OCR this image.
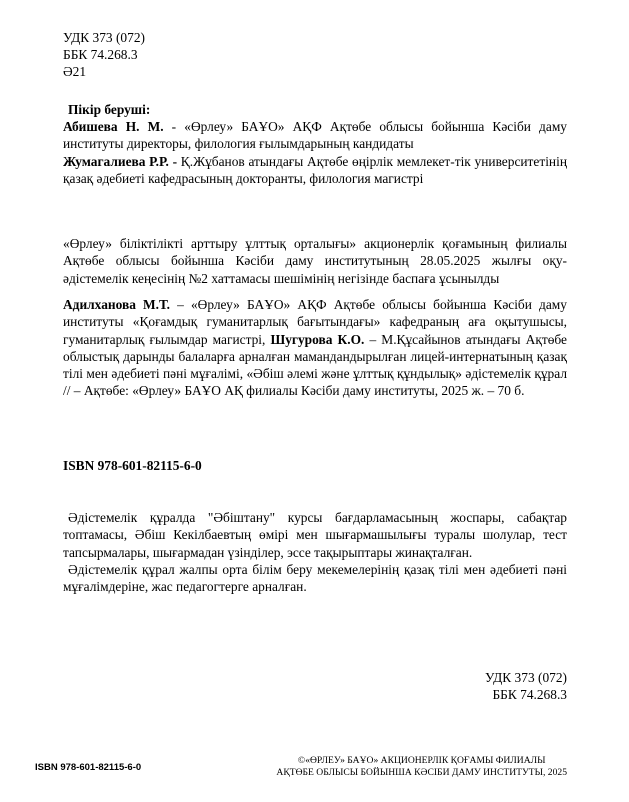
УДК 373 (072)
ББК 74.268.3
Ә21
Пікір беруші:

Абишева Н. М. - «Өрлеу» БАҰО» АҚФ Ақтөбе облысы бойынша Кәсіби даму институты директоры, филология ғылымдарының кандидаты

Жумагалиева Р.Р. - Қ.Жұбанов атындағы Ақтөбе өңірлік мемлекет-тік университетінің қазақ әдебиеті кафедрасының докторанты, филология магистрі

«Өрлеу» біліктілікті арттыру ұлттық орталығы» акционерлік қоғамының филиалы Ақтөбе облысы бойынша Кәсіби даму институтының 28.05.2025 жылғы оқу-әдістемелік кеңесінің №2 хаттамасы шешімінің негізінде баспаға ұсынылды

Адилханова М.Т. – «Өрлеу» БАҰО» АҚФ Ақтөбе облысы бойынша Кәсіби даму институты «Қоғамдық гуманитарлық бағытындағы» кафедраның аға оқытушысы, гуманитарлық ғылымдар магистрі, Шугурова К.О. – М.Құсайынов атындағы Ақтөбе облыстық дарынды балаларға арналған мамандандырылған лицей-интернатының қазақ тілі мен әдебиеті пәні мұғалімі, «Әбіш әлемі және ұлттық құндылық» әдістемелік құрал // – Ақтөбе: «Өрлеу» БАҰО АҚ филиалы Кәсіби даму институты, 2025 ж. – 70 б.

ISBN 978-601-82115-6-0

Әдістемелік құралда "Әбіштану" курсы бағдарламасының жоспары, сабақтар топтамасы, Әбіш Кекілбаевтың өмірі мен шығармашылығы туралы шолулар, тест тапсырмалары, шығармадан үзінділер, эссе тақырыптары жинақталған.

Әдістемелік құрал жалпы орта білім беру мекемелерінің қазақ тілі мен әдебиеті пәні мұғалімдеріне, жас педагогтерге арналған.

УДК 373 (072)
ББК 74.268.3
ISBN 978-601-82115-6-0
©«ӨРЛЕУ» БАҰО» АКЦИОНЕРЛІК ҚОҒАМЫ ФИЛИАЛЫ
АҚТӨБЕ ОБЛЫСЫ БОЙЫНША КӘСІБИ ДАМУ ИНСТИТУТЫ, 2025
